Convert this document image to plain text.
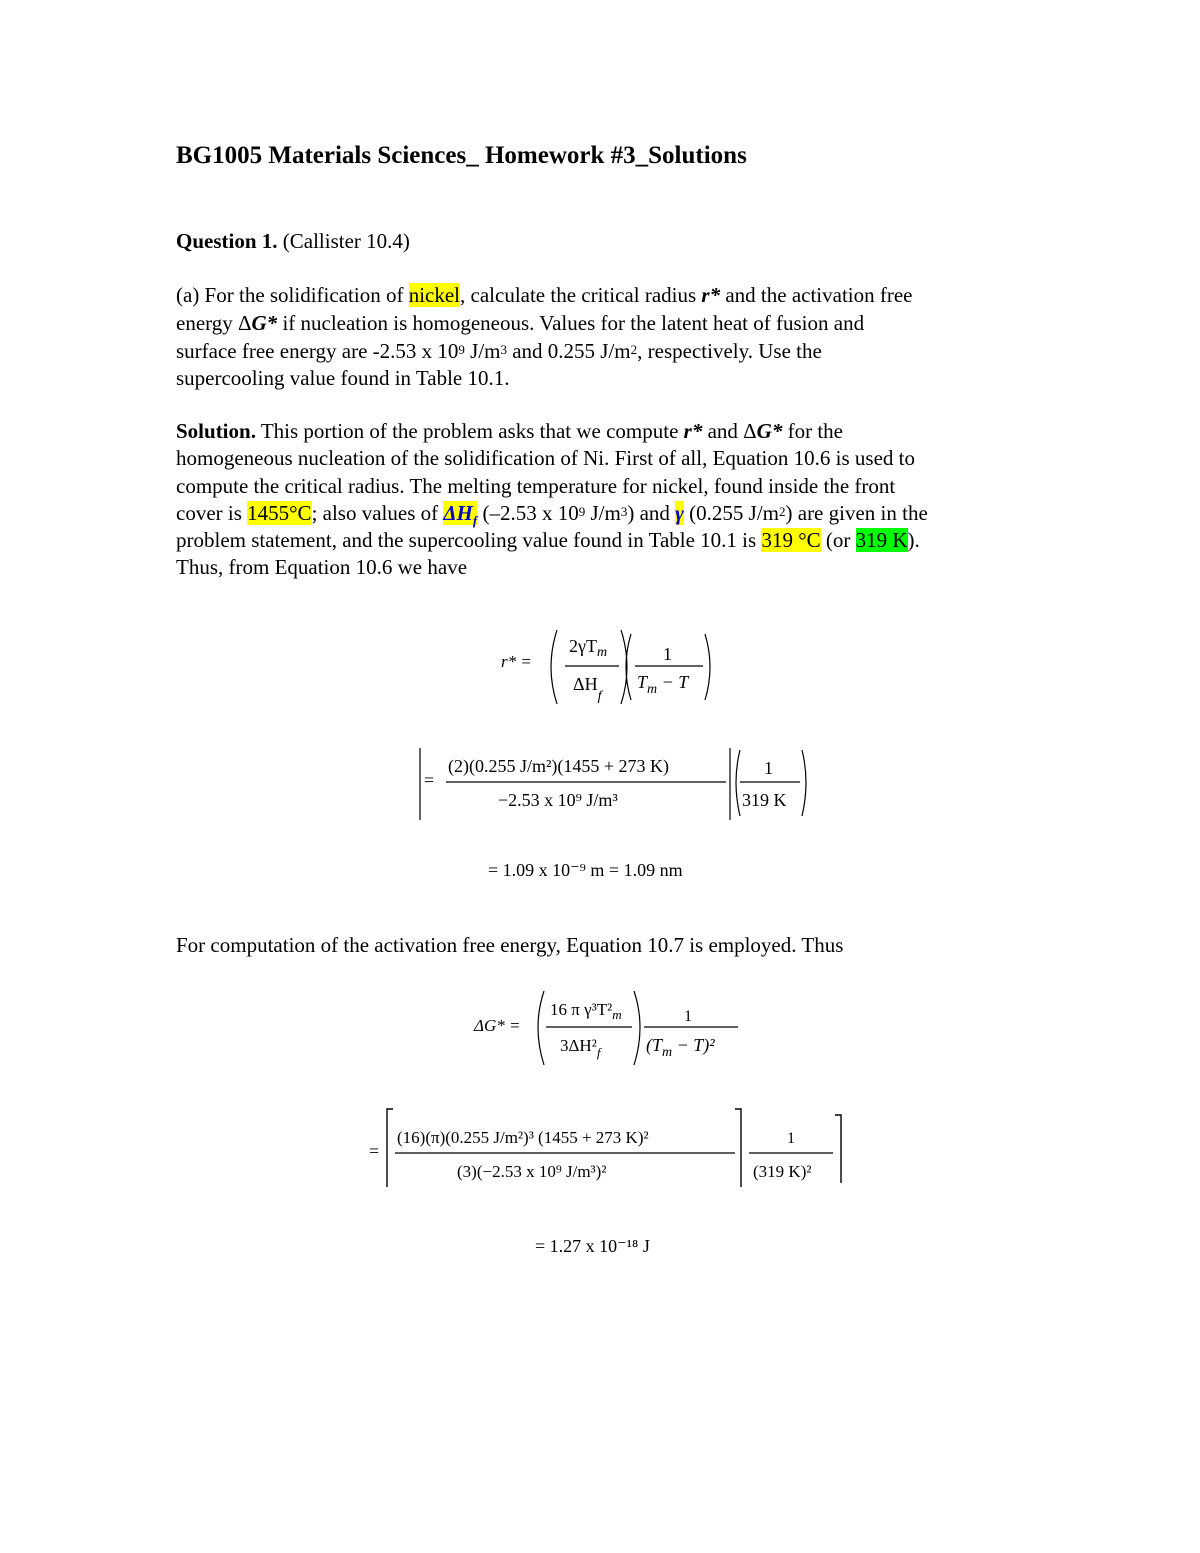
BG1005 Materials Sciences_ Homework #3_Solutions
Question 1. (Callister 10.4)
(a) For the solidification of nickel, calculate the critical radius r* and the activation free
energy ΔG* if nucleation is homogeneous. Values for the latent heat of fusion and
surface free energy are -2.53 x $10^9$ $J/m^3$ and 0.255 $J/m^2$, respectively. Use the
supercooling value found in Table 10.1.
Solution. This portion of the problem asks that we compute r* and ΔG* for the
homogeneous nucleation of the solidification of Ni. First of all, Equation 10.6 is used to
compute the critical radius. The melting temperature for nickel, found inside the front
cover is 1455°C; also values of $\Delta H_f$ (–2.53 x $10^9$ $J/m^3$) and γ (0.255 $J/m^2$) are given in the
problem statement, and the supercooling value found in Table 10.1 is 319 °C (or 319 K).
Thus, from Equation 10.6 we have
r* =
$2\gamma T_m$
$\Delta H_f$
1
$T_m - T$
=
(2)(0.255 J/m²)(1455 + 273 K)
−2.53 x 10⁹ J/m³
1
319 K
= 1.09 x 10⁻⁹ m = 1.09 nm
For computation of the activation free energy, Equation 10.7 is employed. Thus
ΔG* =
16 π $\gamma^3T^2_m$
$3\Delta H^2_f$
1
$(T_m - T)^2$
=
(16)(π)(0.255 J/m²)³ (1455 + 273 K)²
(3)(−2.53 x 10⁹ J/m³)²
1
(319 K)²
= 1.27 x 10⁻¹⁸ J
